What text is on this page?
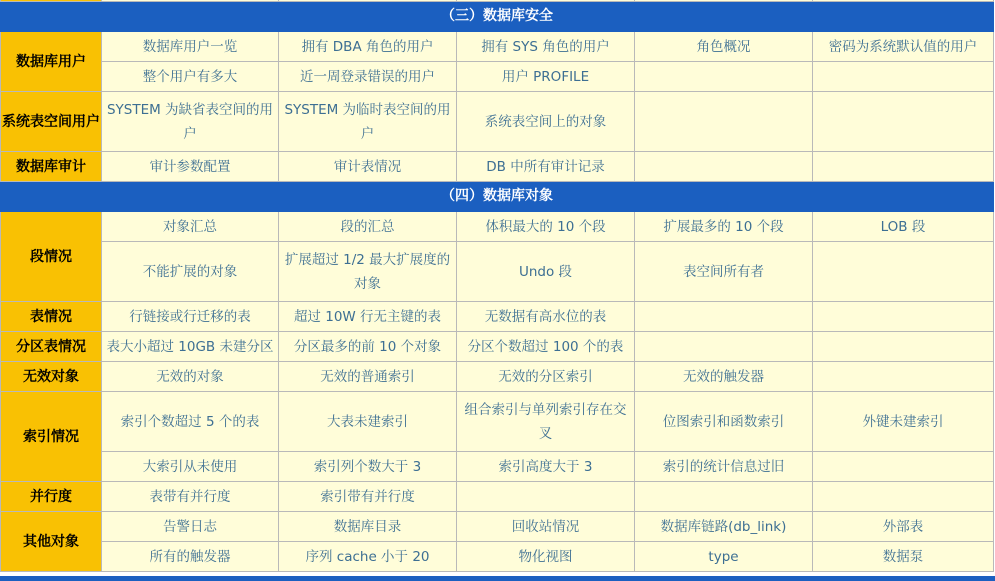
（三）数据库安全					
数据库用户	数据库用户一览	拥有 DBA 角色的用户	拥有 SYS 角色的用户	角色概况	密码为系统默认值的用户
	整个用户有多大	近一周登录错误的用户	用户 PROFILE		
系统表空间用户	SYSTEM 为缺省表空间的用户	SYSTEM 为临时表空间的用户	系统表空间上的对象		
数据库审计	审计参数配置	审计表情况	DB 中所有审计记录		
（四）数据库对象					
段情况	对象汇总	段的汇总	体积最大的 10 个段	扩展最多的 10 个段	LOB 段
	不能扩展的对象	扩展超过 1/2 最大扩展度的对象	Undo 段	表空间所有者	
表情况	行链接或行迁移的表	超过 10W 行无主键的表	无数据有高水位的表		
分区表情况	表大小超过 10GB 未建分区	分区最多的前 10 个对象	分区个数超过 100 个的表		
无效对象	无效的对象	无效的普通索引	无效的分区索引	无效的触发器	
索引情况	索引个数超过 5 个的表	大表未建索引	组合索引与单列索引存在交叉	位图索引和函数索引	外键未建索引
	大索引从未使用	索引列个数大于 3	索引高度大于 3	索引的统计信息过旧	
并行度	表带有并行度	索引带有并行度			
其他对象	告警日志	数据库目录	回收站情况	数据库链路(db_link)	外部表
	所有的触发器	序列 cache 小于 20	物化视图	type	数据泵
